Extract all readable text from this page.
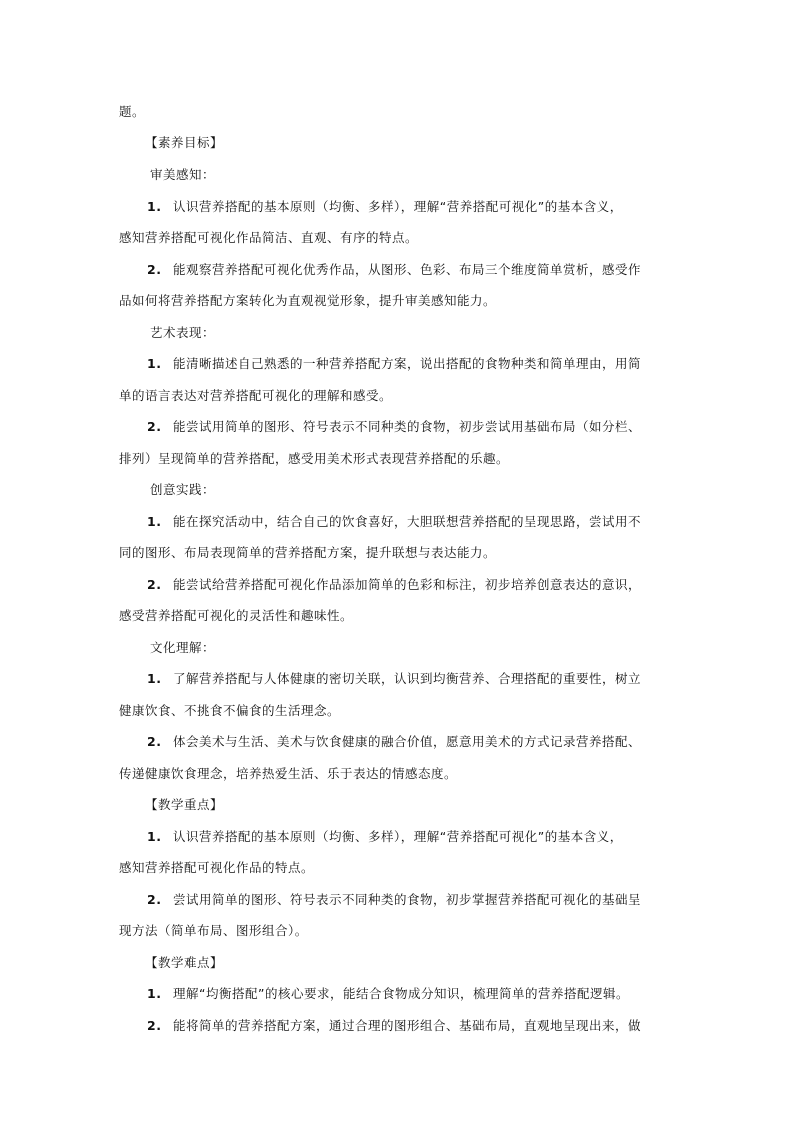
题。
【素养目标】
审美感知：
1. 认识营养搭配的基本原则（均衡、多样），理解“营养搭配可视化”的基本含义，
感知营养搭配可视化作品简洁、直观、有序的特点。
2. 能观察营养搭配可视化优秀作品，从图形、色彩、布局三个维度简单赏析，感受作
品如何将营养搭配方案转化为直观视觉形象，提升审美感知能力。
艺术表现：
1. 能清晰描述自己熟悉的一种营养搭配方案，说出搭配的食物种类和简单理由，用简
单的语言表达对营养搭配可视化的理解和感受。
2. 能尝试用简单的图形、符号表示不同种类的食物，初步尝试用基础布局（如分栏、
排列）呈现简单的营养搭配，感受用美术形式表现营养搭配的乐趣。
创意实践：
1. 能在探究活动中，结合自己的饮食喜好，大胆联想营养搭配的呈现思路，尝试用不
同的图形、布局表现简单的营养搭配方案，提升联想与表达能力。
2. 能尝试给营养搭配可视化作品添加简单的色彩和标注，初步培养创意表达的意识，
感受营养搭配可视化的灵活性和趣味性。
文化理解：
1. 了解营养搭配与人体健康的密切关联，认识到均衡营养、合理搭配的重要性，树立
健康饮食、不挑食不偏食的生活理念。
2. 体会美术与生活、美术与饮食健康的融合价值，愿意用美术的方式记录营养搭配、
传递健康饮食理念，培养热爱生活、乐于表达的情感态度。
【教学重点】
1. 认识营养搭配的基本原则（均衡、多样），理解“营养搭配可视化”的基本含义，
感知营养搭配可视化作品的特点。
2. 尝试用简单的图形、符号表示不同种类的食物，初步掌握营养搭配可视化的基础呈
现方法（简单布局、图形组合）。
【教学难点】
1. 理解“均衡搭配”的核心要求，能结合食物成分知识，梳理简单的营养搭配逻辑。
2. 能将简单的营养搭配方案，通过合理的图形组合、基础布局，直观地呈现出来，做
